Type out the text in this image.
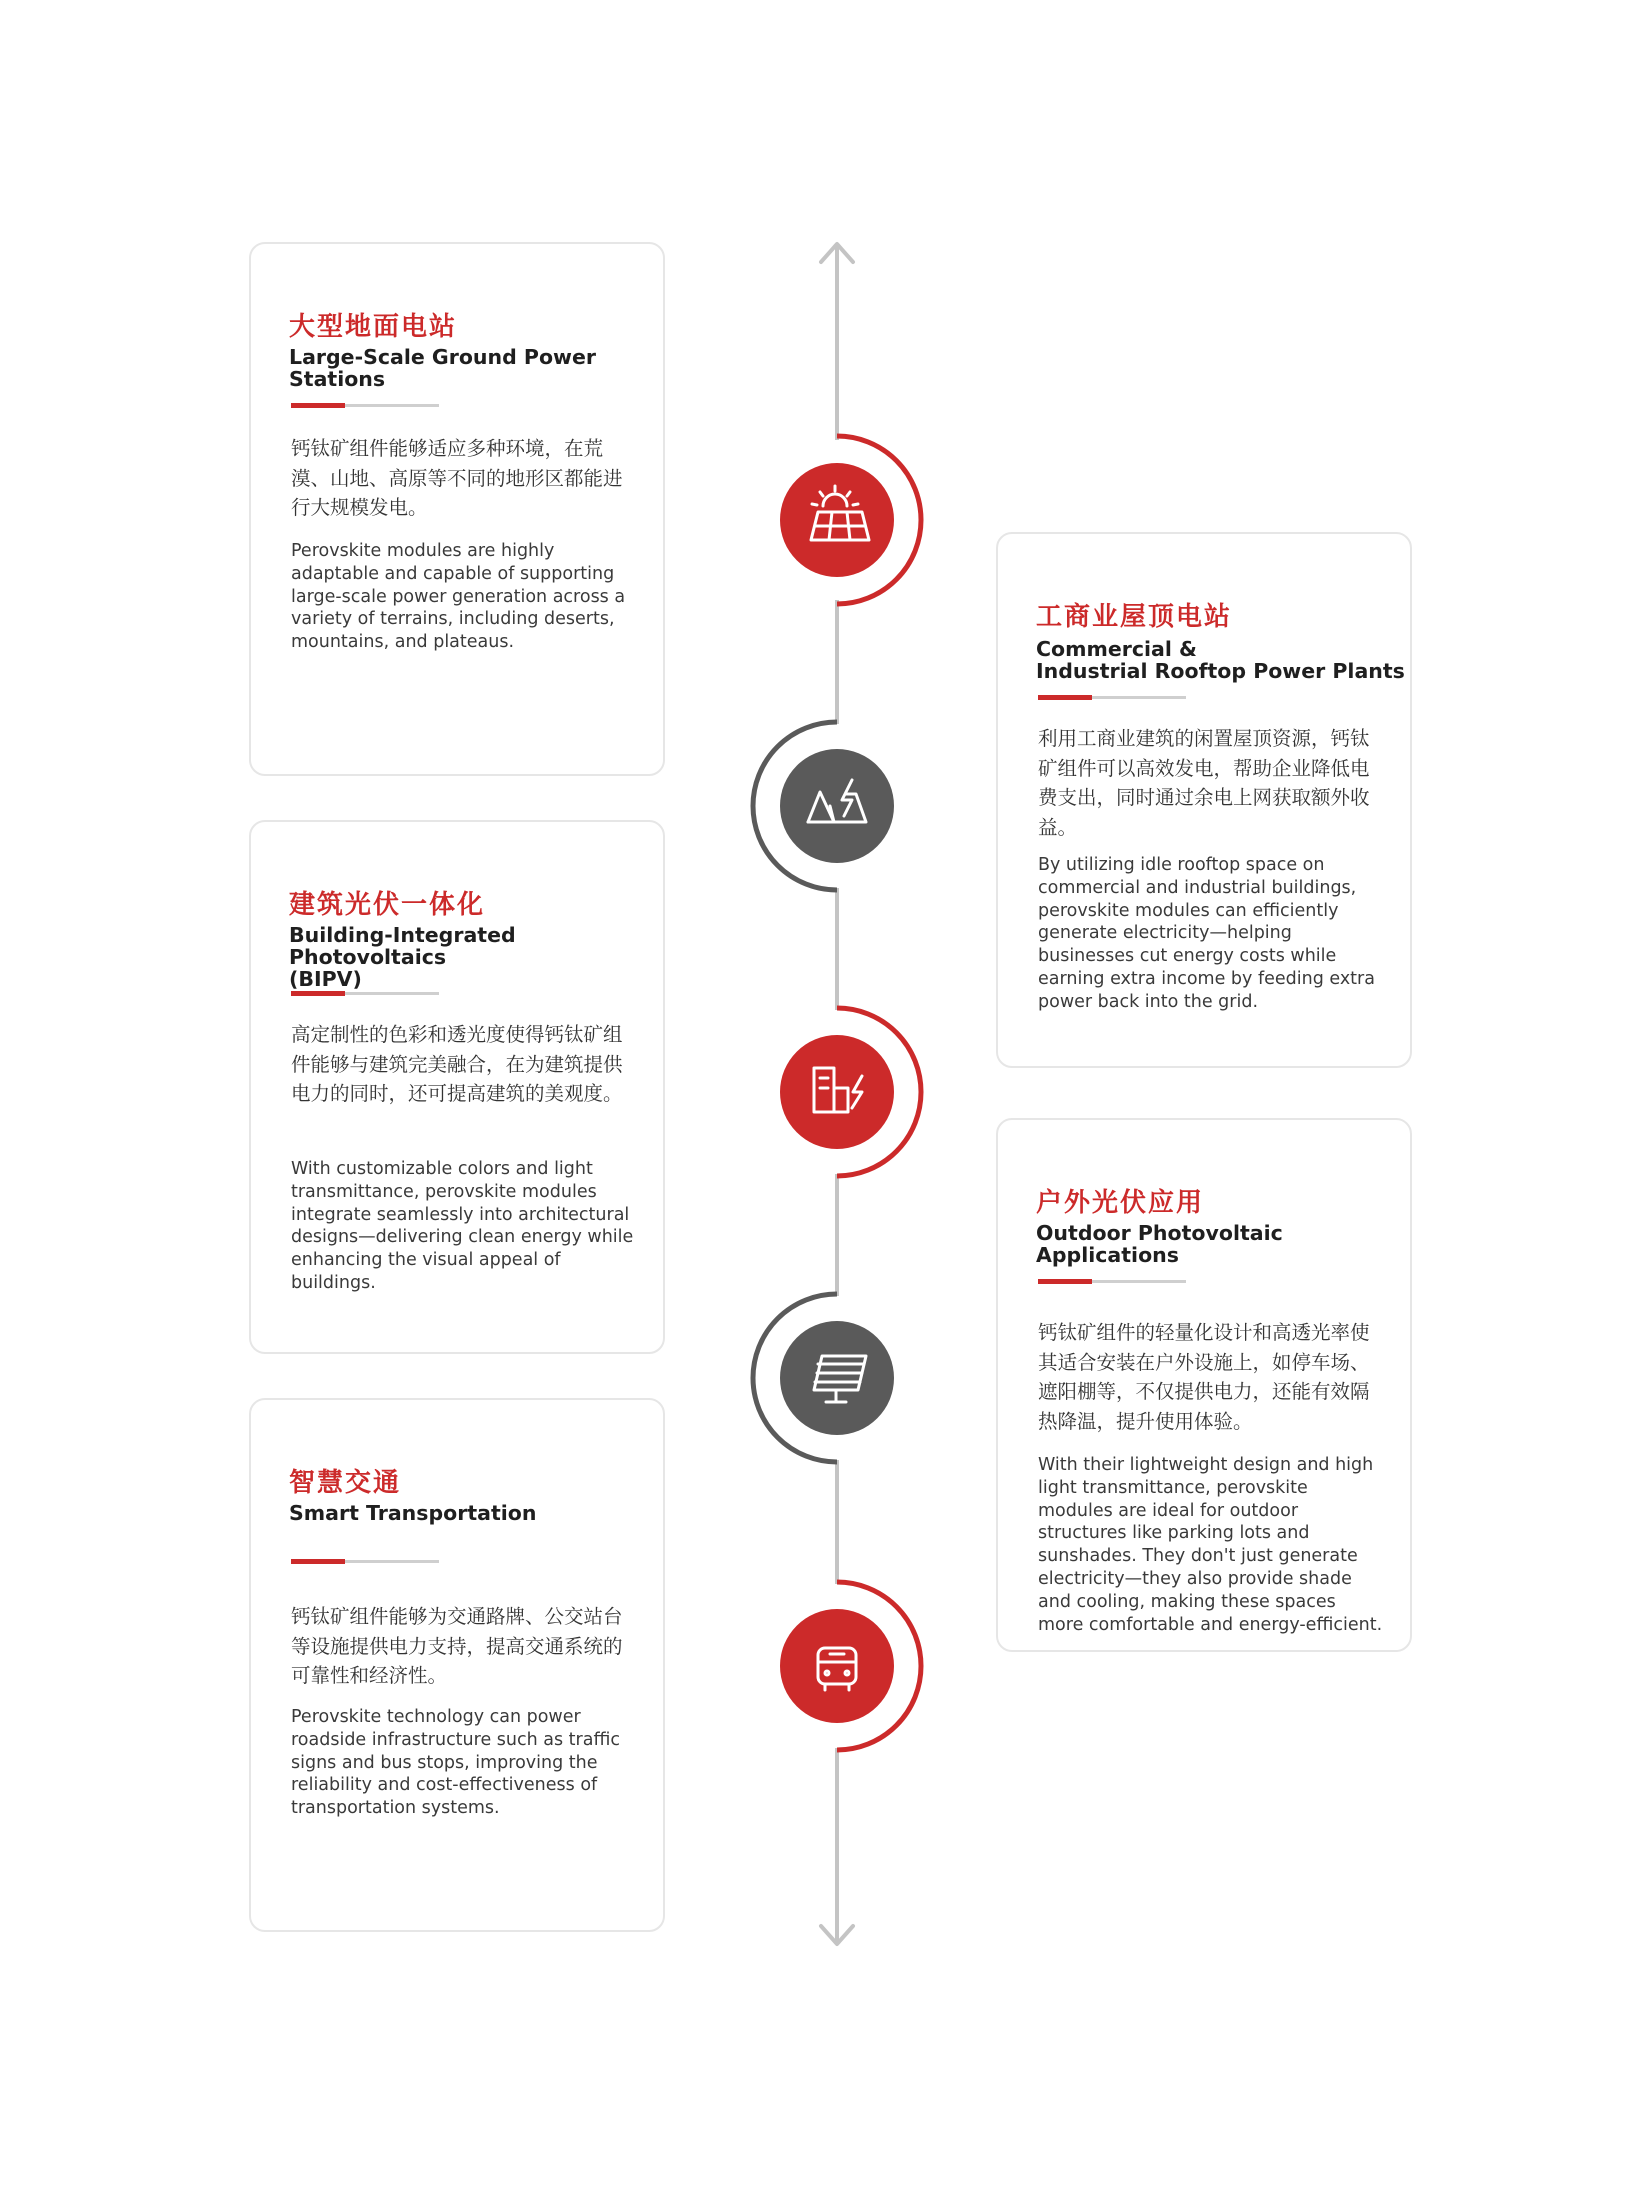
大型地面电站
Large-Scale Ground Power Stations
钙钛矿组件能够适应多种环境，在荒漠、山地、高原等不同的地形区都能进行大规模发电。
Perovskite modules are highly adaptable and capable of supporting large-scale power generation across a variety of terrains, including deserts, mountains, and plateaus.
工商业屋顶电站
Commercial &
Industrial Rooftop Power Plants
利用工商业建筑的闲置屋顶资源，钙钛矿组件可以高效发电，帮助企业降低电费支出，同时通过余电上网获取额外收益。
By utilizing idle rooftop space on commercial and industrial buildings, perovskite modules can efficiently generate electricity—helping businesses cut energy costs while earning extra income by feeding extra power back into the grid.
建筑光伏一体化
Building-Integrated Photovoltaics
(BIPV)
高定制性的色彩和透光度使得钙钛矿组件能够与建筑完美融合，在为建筑提供电力的同时，还可提高建筑的美观度。
With customizable colors and light transmittance, perovskite modules integrate seamlessly into architectural designs—delivering clean energy while enhancing the visual appeal of buildings.
户外光伏应用
Outdoor Photovoltaic Applications
钙钛矿组件的轻量化设计和高透光率使其适合安装在户外设施上，如停车场、遮阳棚等，不仅提供电力，还能有效隔热降温，提升使用体验。
With their lightweight design and high light transmittance, perovskite modules are ideal for outdoor structures like parking lots and sunshades. They don't just generate electricity—they also provide shade and cooling, making these spaces more comfortable and energy-efficient.
智慧交通
Smart Transportation
钙钛矿组件能够为交通路牌、公交站台等设施提供电力支持，提高交通系统的可靠性和经济性。
Perovskite technology can power roadside infrastructure such as traffic signs and bus stops, improving the reliability and cost-effectiveness of transportation systems.
